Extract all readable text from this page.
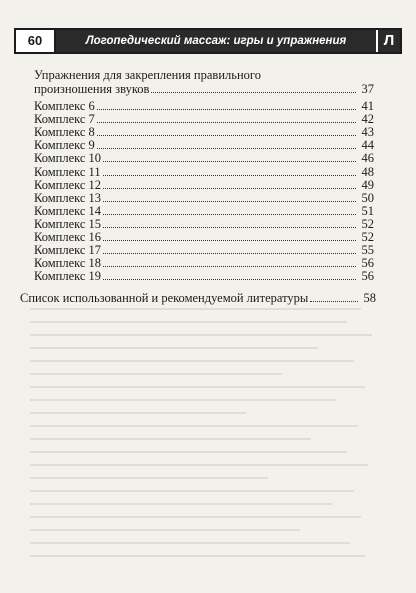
60	Логопедический массаж: игры и упражнения	Л
Упражнения для закрепления правильного
произношения звуков	37
Комплекс 6	41
Комплекс 7	42
Комплекс 8	43
Комплекс 9	44
Комплекс 10	46
Комплекс 11	48
Комплекс 12	49
Комплекс 13	50
Комплекс 14	51
Комплекс 15	52
Комплекс 16	52
Комплекс 17	55
Комплекс 18	56
Комплекс 19	56
Список использованной и рекомендуемой литературы	58
